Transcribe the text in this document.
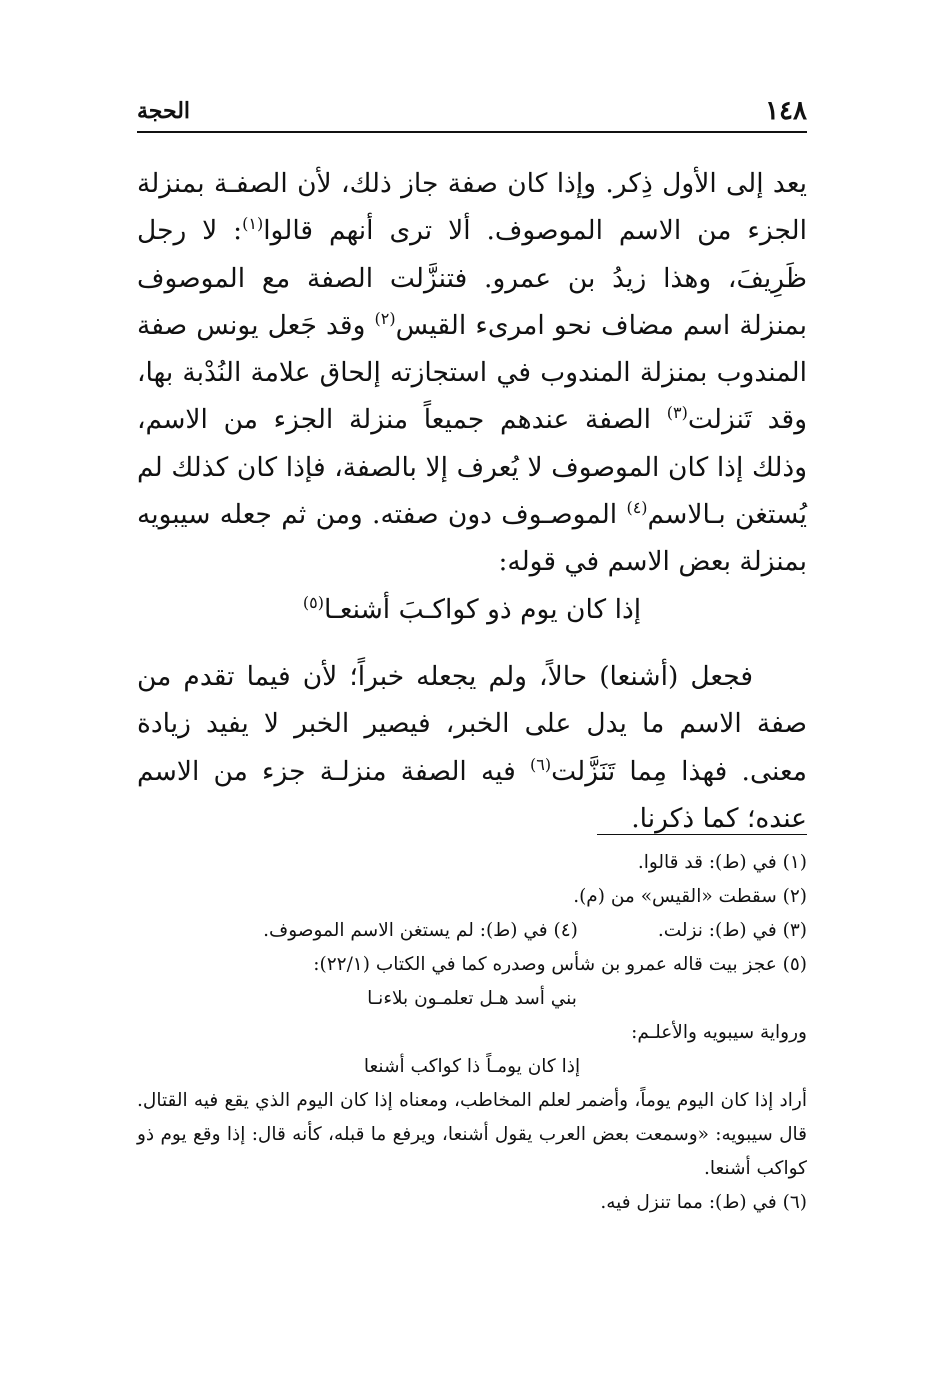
١٤٨
الحجة

يعد إلى الأول ذِكر. وإذا كان صفة جاز ذلك، لأن الصفـة بمنزلة الجزء من الاسم الموصوف. ألا ترى أنهم قالوا$^{(١)}$: لا رجل ظَرِيفَ، وهذا زيدُ بن عمرو. فتنزَّلت الصفة مع الموصوف بمنزلة اسم مضاف نحو امرىء القيس$^{(٢)}$ وقد جَعل يونس صفة المندوب بمنزلة المندوب في استجازته إلحاق علامة النُدْبة بها، وقد تَنزلت$^{(٣)}$ الصفة عندهم جميعاً منزلة الجزء من الاسم، وذلك إذا كان الموصوف لا يُعرف إلا بالصفة، فإذا كان كذلك لم يُستغن بـالاسم$^{(٤)}$ الموصـوف دون صفته. ومن ثم جعله سيبويه بمنزلة بعض الاسم في قوله:

إذا كان يوم ذو كواكـبَ أشنعـا$^{(٥)}$

فجعل (أشنعا) حالاً، ولم يجعله خبراً؛ لأن فيما تقدم من صفة الاسم ما يدل على الخبر، فيصير الخبر لا يفيد زيادة معنى. فهذا مِما تَنَزَّلت$^{(٦)}$ فيه الصفة منزلـة جزء من الاسم عنده؛ كما ذكرنا.

(١) في (ط): قد قالوا.

(٢) سقطت «القيس» من (م).

(٣) في (ط): نزلت.
(٤) في (ط): لم يستغن الاسم الموصوف.

(٥) عجز بيت قاله عمرو بن شأس وصدره كما في الكتاب (٢٢/١):

بني أسد هـل تعلمـون بلاءنـا

ورواية سيبويه والأعلـم:

إذا كان يومـاً ذا كواكب أشنعا

أراد إذا كان اليوم يوماً، وأضمر لعلم المخاطب، ومعناه إذا كان اليوم الذي يقع فيه القتال. قال سيبويه: «وسمعت بعض العرب يقول أشنعا، ويرفع ما قبله، كأنه قال: إذا وقع يوم ذو كواكب أشنعا.

(٦) في (ط): مما تنزل فيه.
